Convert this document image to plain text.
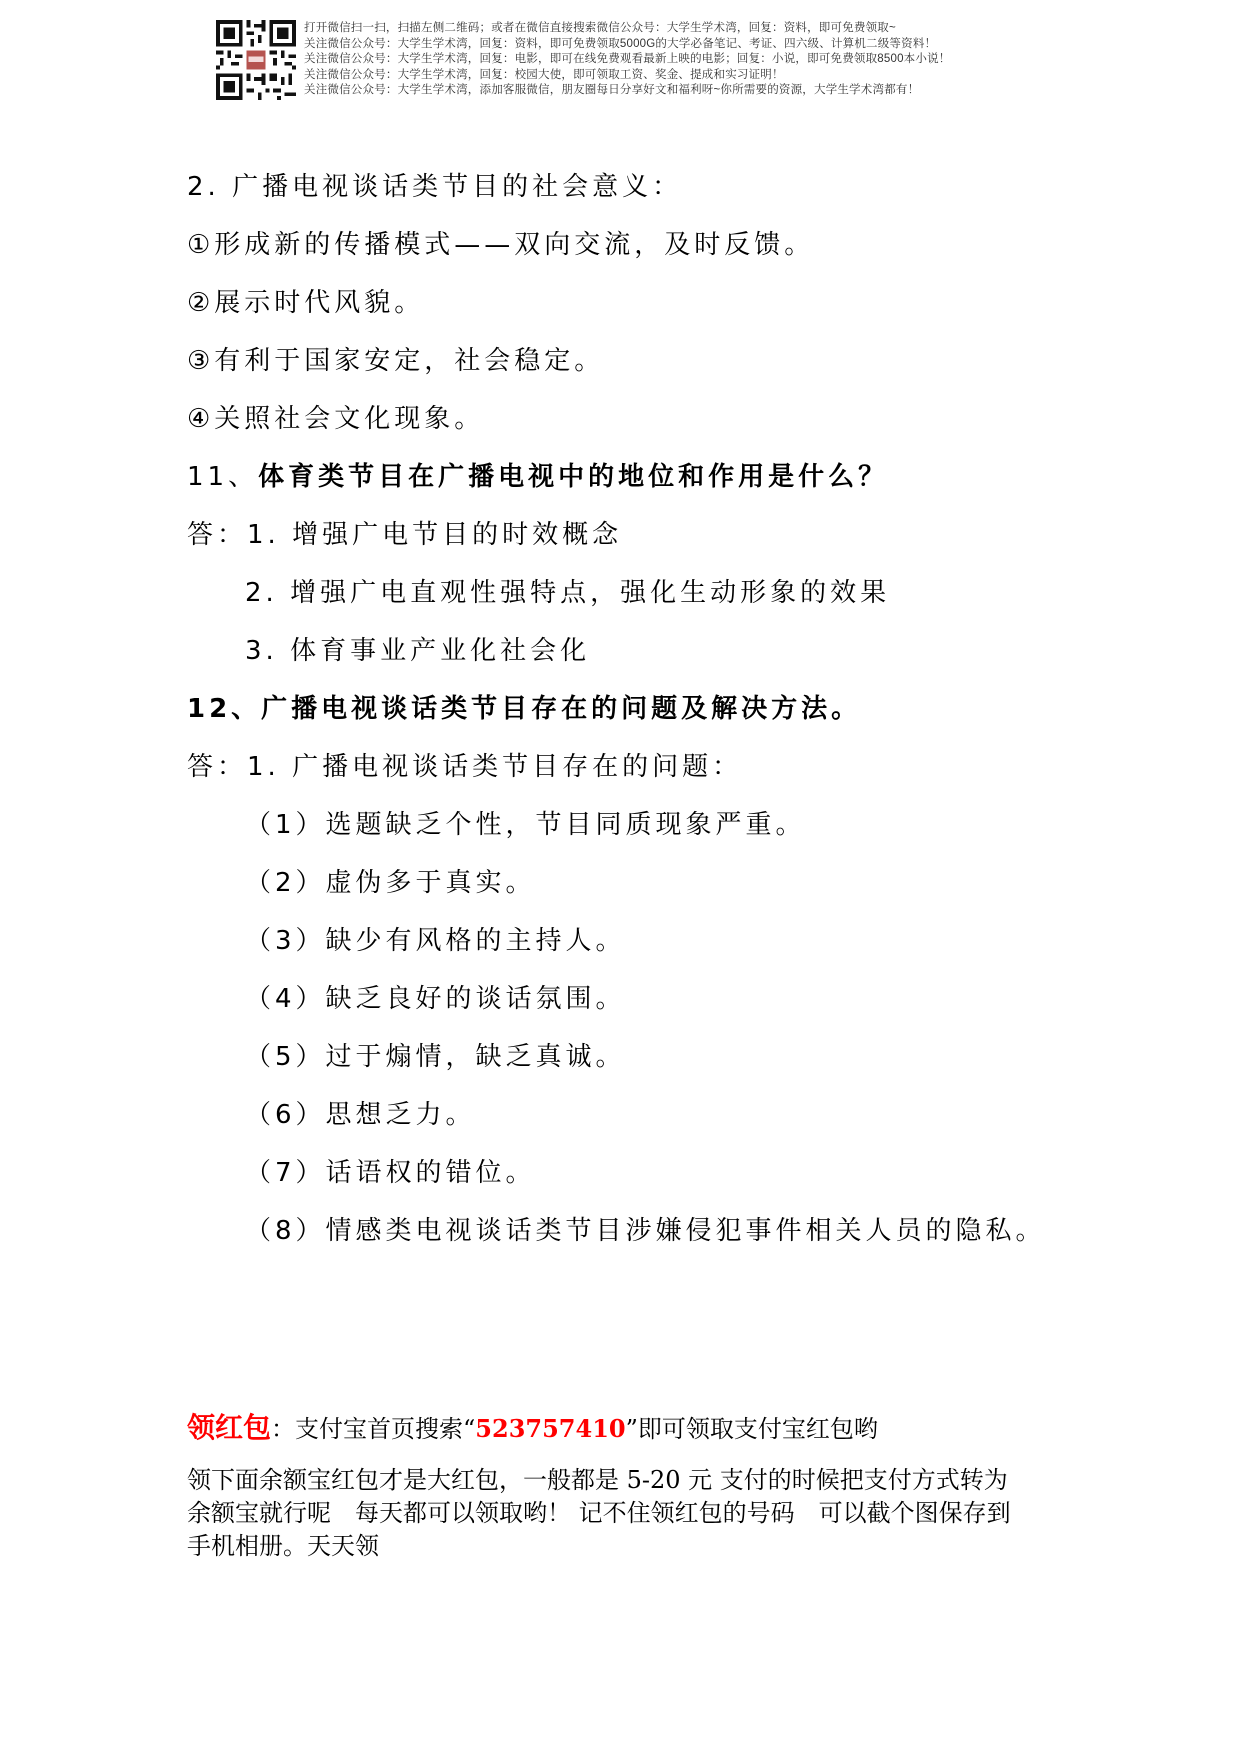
打开微信扫一扫，扫描左侧二维码；或者在微信直接搜索微信公众号：大学生学术湾，回复：资料，即可免费领取~
关注微信公众号：大学生学术湾，回复：资料，即可免费领取5000G的大学必备笔记、考证、四六级、计算机二级等资料！
关注微信公众号：大学生学术湾，回复：电影，即可在线免费观看最新上映的电影；回复：小说，即可免费领取8500本小说！
关注微信公众号：大学生学术湾，回复：校园大使，即可领取工资、奖金、提成和实习证明！
关注微信公众号：大学生学术湾，添加客服微信，朋友圈每日分享好文和福利呀~你所需要的资源，大学生学术湾都有！
2. 广播电视谈话类节目的社会意义：
①形成新的传播模式——双向交流，及时反馈。
②展示时代风貌。
③有利于国家安定，社会稳定。
④关照社会文化现象。
11、体育类节目在广播电视中的地位和作用是什么？
答：1. 增强广电节目的时效概念
2. 增强广电直观性强特点，强化生动形象的效果
3. 体育事业产业化社会化
12、广播电视谈话类节目存在的问题及解决方法。
答：1. 广播电视谈话类节目存在的问题：
（1）选题缺乏个性，节目同质现象严重。
（2）虚伪多于真实。
（3）缺少有风格的主持人。
（4）缺乏良好的谈话氛围。
（5）过于煽情，缺乏真诚。
（6）思想乏力。
（7）话语权的错位。
（8）情感类电视谈话类节目涉嫌侵犯事件相关人员的隐私。
领红包：支付宝首页搜索“523757410”即可领取支付宝红包哟
领下面余额宝红包才是大红包，一般都是 5-20 元 支付的时候把支付方式转为
余额宝就行呢　每天都可以领取哟！ 记不住领红包的号码　可以截个图保存到
手机相册。天天领
